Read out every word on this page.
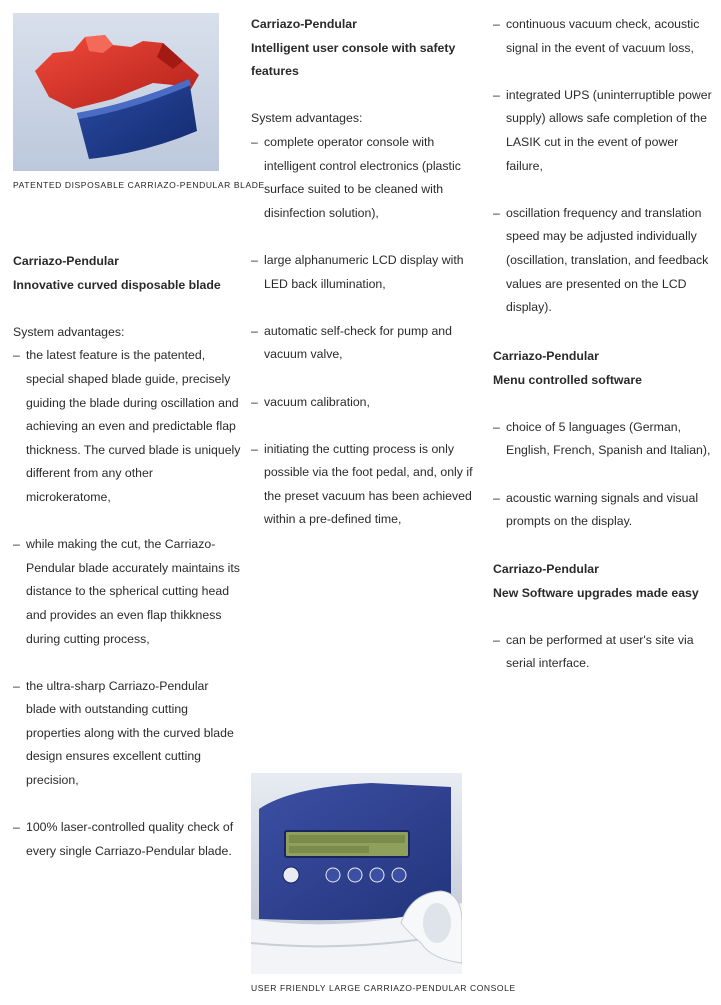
PATENTED DISPOSABLE CARRIAZO-PENDULAR BLADE
USER FRIENDLY LARGE CARRIAZO-PENDULAR CONSOLE

Carriazo-Pendular

Innovative curved disposable blade

System advantages:

– the latest feature is the patented, special shaped blade guide, precisely guiding the blade during oscillation and achieving an even and predictable flap thickness. The curved blade is uniquely different from any other microkeratome,
– while making the cut, the Carriazo-Pendular blade accurately maintains its distance to the spherical cutting head and provides an even flap thikkness during cutting process,
– the ultra-sharp Carriazo-Pendular blade with outstanding cutting properties along with the curved blade design ensures excellent cutting precision,
– 100% laser-controlled quality check of every single Carriazo-Pendular blade.

Carriazo-Pendular

Intelligent user console with safety features

System advantages:

– complete operator console with intelligent control electronics (plastic surface suited to be cleaned with disinfection solution),
– large alphanumeric LCD display with LED back illumination,
– automatic self-check for pump and vacuum valve,
– vacuum calibration,
– initiating the cutting process is only possible via the foot pedal, and, only if the preset vacuum has been achieved within a pre-defined time,
– continuous vacuum check, acoustic signal in the event of vacuum loss,
– integrated UPS (uninterruptible power supply) allows safe completion of the LASIK cut in the event of power failure,
– oscillation frequency and translation speed may be adjusted individually (oscillation, translation, and feedback values are presented on the LCD display).

Carriazo-Pendular

Menu controlled software

– choice of 5 languages (German, English, French, Spanish and Italian),
– acoustic warning signals and visual prompts on the display.

Carriazo-Pendular

New Software upgrades made easy

– can be performed at user's site via serial interface.
